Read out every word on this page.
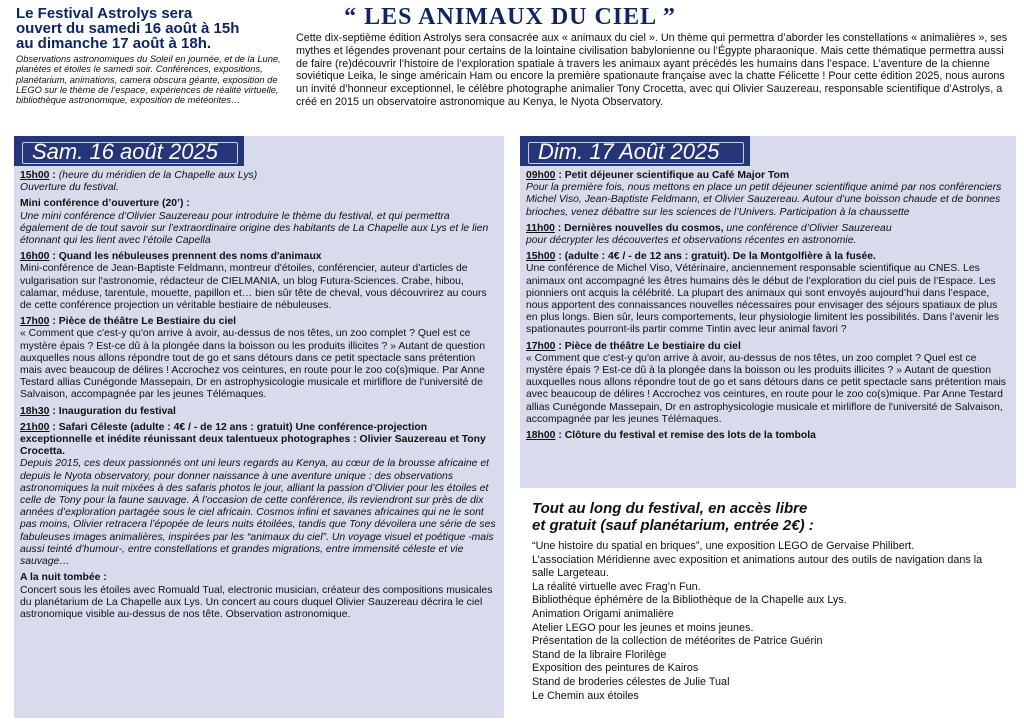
Le Festival Astrolys sera
ouvert du samedi 16 août à 15h
au dimanche 17 août à 18h.
Observations astronomiques du Soleil en journée, et de la Lune, planètes et étoiles le samedi soir. Conférences, expositions, planétarium, animations, camera obscura géante, exposition de LEGO sur le thème de l’espace, expériences de réalité virtuelle, bibliothèque astronomique, exposition de météorites…
“ LES ANIMAUX DU CIEL ”
Cette dix-septième édition Astrolys sera consacrée aux « animaux du ciel ». Un thème qui permettra d’aborder les constellations « animalières », ses mythes et légendes provenant pour certains de la lointaine civilisation babylonienne ou l’Égypte pharaonique. Mais cette thématique permettra aussi de faire (re)découvrir l’histoire de l’exploration spatiale à travers les animaux ayant précédés les humains dans l’espace. L’aventure de la chienne soviétique Leika, le singe américain Ham ou encore la première spationaute française avec la chatte Félicette ! Pour cette édition 2025, nous aurons un invité d’honneur exceptionnel, le célèbre photographe animalier Tony Crocetta, avec qui Olivier Sauzereau, responsable scientifique d’Astrolys, a créé en 2015 un observatoire astronomique au Kenya, le Nyota Observatory.
Sam. 16 août 2025
15h00 : (heure du méridien de la Chapelle aux Lys)
Ouverture du festival.
Mini conférence d’ouverture (20’) :
Une mini conférence d’Olivier Sauzereau pour introduire le thème du festival, et qui permettra également de de tout savoir sur l’extraordinaire origine des habitants de La Chapelle aux Lys et le lien étonnant qui les lient avec l’étoile Capella
16h00 : Quand les nébuleuses prennent des noms d'animaux
Mini-conférence de Jean-Baptiste Feldmann, montreur d'étoiles, conférencier, auteur d'articles de vulgarisation sur l'astronomie, rédacteur de CIELMANIA, un blog Futura-Sciences. Crabe, hibou, calamar, méduse, tarentule, mouette, papillon et… bien sûr tête de cheval, vous découvrirez au cours de cette conférence projection un véritable bestiaire de nébuleuses.
17h00 : Pièce de théâtre Le Bestiaire du ciel
« Comment que c'est-y qu'on arrive à avoir, au-dessus de nos têtes, un zoo complet ? Quel est ce mystère épais ? Est-ce dû à la plongée dans la boisson ou les produits illicites ? » Autant de question auxquelles nous allons répondre tout de go et sans détours dans ce petit spectacle sans prétention mais avec beaucoup de délires ! Accrochez vos ceintures, en route pour le zoo co(s)mique. Par Anne Testard allias Cunégonde Massepain, Dr en astrophysicologie musicale et mirliflore de l'université de Salvaison, accompagnée par les jeunes Télémaques.
18h30 : Inauguration du festival
21h00 : Safari Céleste (adulte : 4€ / - de 12 ans : gratuit) Une conférence-projection exceptionnelle et inédite réunissant deux talentueux photographes : Olivier Sauzereau et Tony Crocetta.
Depuis 2015, ces deux passionnés ont uni leurs regards au Kenya, au cœur de la brousse africaine et depuis le Nyota observatory, pour donner naissance à une aventure unique : des observations astronomiques la nuit mixées à des safaris photos le jour, alliant la passion d’Olivier pour les étoiles et celle de Tony pour la faune sauvage. À l’occasion de cette conférence, ils reviendront sur près de dix années d’exploration partagée sous le ciel africain. Cosmos infini et savanes africaines qui ne le sont pas moins, Olivier retracera l’épopée de leurs nuits étoilées, tandis que Tony dévoilera une série de ses fabuleuses images animalières, inspirées par les “animaux du ciel”. Un voyage visuel et poétique -mais aussi teinté d’humour-, entre constellations et grandes migrations, entre immensité céleste et vie sauvage…
A la nuit tombée :
Concert sous les étoiles avec Romuald Tual, electronic musician, créateur des compositions musicales du planétarium de La Chapelle aux Lys. Un concert au cours duquel Olivier Sauzereau décrira le ciel astronomique visible au-dessus de nos tête. Observation astronomique.
Dim. 17 Août 2025
09h00 : Petit déjeuner scientifique au Café Major Tom
Pour la première fois, nous mettons en place un petit déjeuner scientifique animé par nos conférenciers Michel Viso, Jean-Baptiste Feldmann, et Olivier Sauzereau. Autour d’une boisson chaude et de bonnes brioches, venez débattre sur les sciences de l’Univers. Participation à la chaussette
11h00 : Dernières nouvelles du cosmos, une conférence d’Olivier Sauzereau
pour décrypter les découvertes et observations récentes en astronomie.
15h00 : (adulte : 4€ / - de 12 ans : gratuit). De la Montgolfière à la fusée.
Une conférence de Michel Viso, Vétérinaire, anciennement responsable scientifique au CNES. Les animaux ont accompagné les êtres humains dès le début de l’exploration du ciel puis de l’Espace. Les pionniers ont acquis la célébrité. La plupart des animaux qui sont envoyés aujourd’hui dans l’espace, nous apportent des connaissances nouvelles nécessaires pour envisager des séjours spatiaux de plus en plus longs. Bien sûr, leurs comportements, leur physiologie limitent les possibilités. Dans l’avenir les spationautes pourront-ils partir comme Tintin avec leur animal favori ?
17h00 : Pièce de théâtre Le bestiaire du ciel
« Comment que c'est-y qu'on arrive à avoir, au-dessus de nos têtes, un zoo complet ? Quel est ce mystère épais ? Est-ce dû à la plongée dans la boisson ou les produits illicites ? » Autant de question auxquelles nous allons répondre tout de go et sans détours dans ce petit spectacle sans prétention mais avec beaucoup de délires ! Accrochez vos ceintures, en route pour le zoo co(s)mique. Par Anne Testard allias Cunégonde Massepain, Dr en astrophysicologie musicale et mirliflore de l'université de Salvaison, accompagnée par les jeunes Télémaques.
18h00 : Clôture du festival et remise des lots de la tombola
Tout au long du festival, en accès libre
et gratuit (sauf planétarium, entrée 2€) :
“Une histoire du spatial en briques”, une exposition LEGO de Gervaise Philibert.
L’association Méridienne avec exposition et animations autour des outils de navigation dans la salle Largeteau.
La réalité virtuelle avec Frag’n Fun.
Bibliothèque éphémère de la Bibliothèque de la Chapelle aux Lys.
Animation Origami animalière
Atelier LEGO pour les jeunes et moins jeunes.
Présentation de la collection de météorites de Patrice Guérin
Stand de la libraire Florilège
Exposition des peintures de Kairos
Stand de broderies célestes de Julie Tual
Le Chemin aux étoiles
